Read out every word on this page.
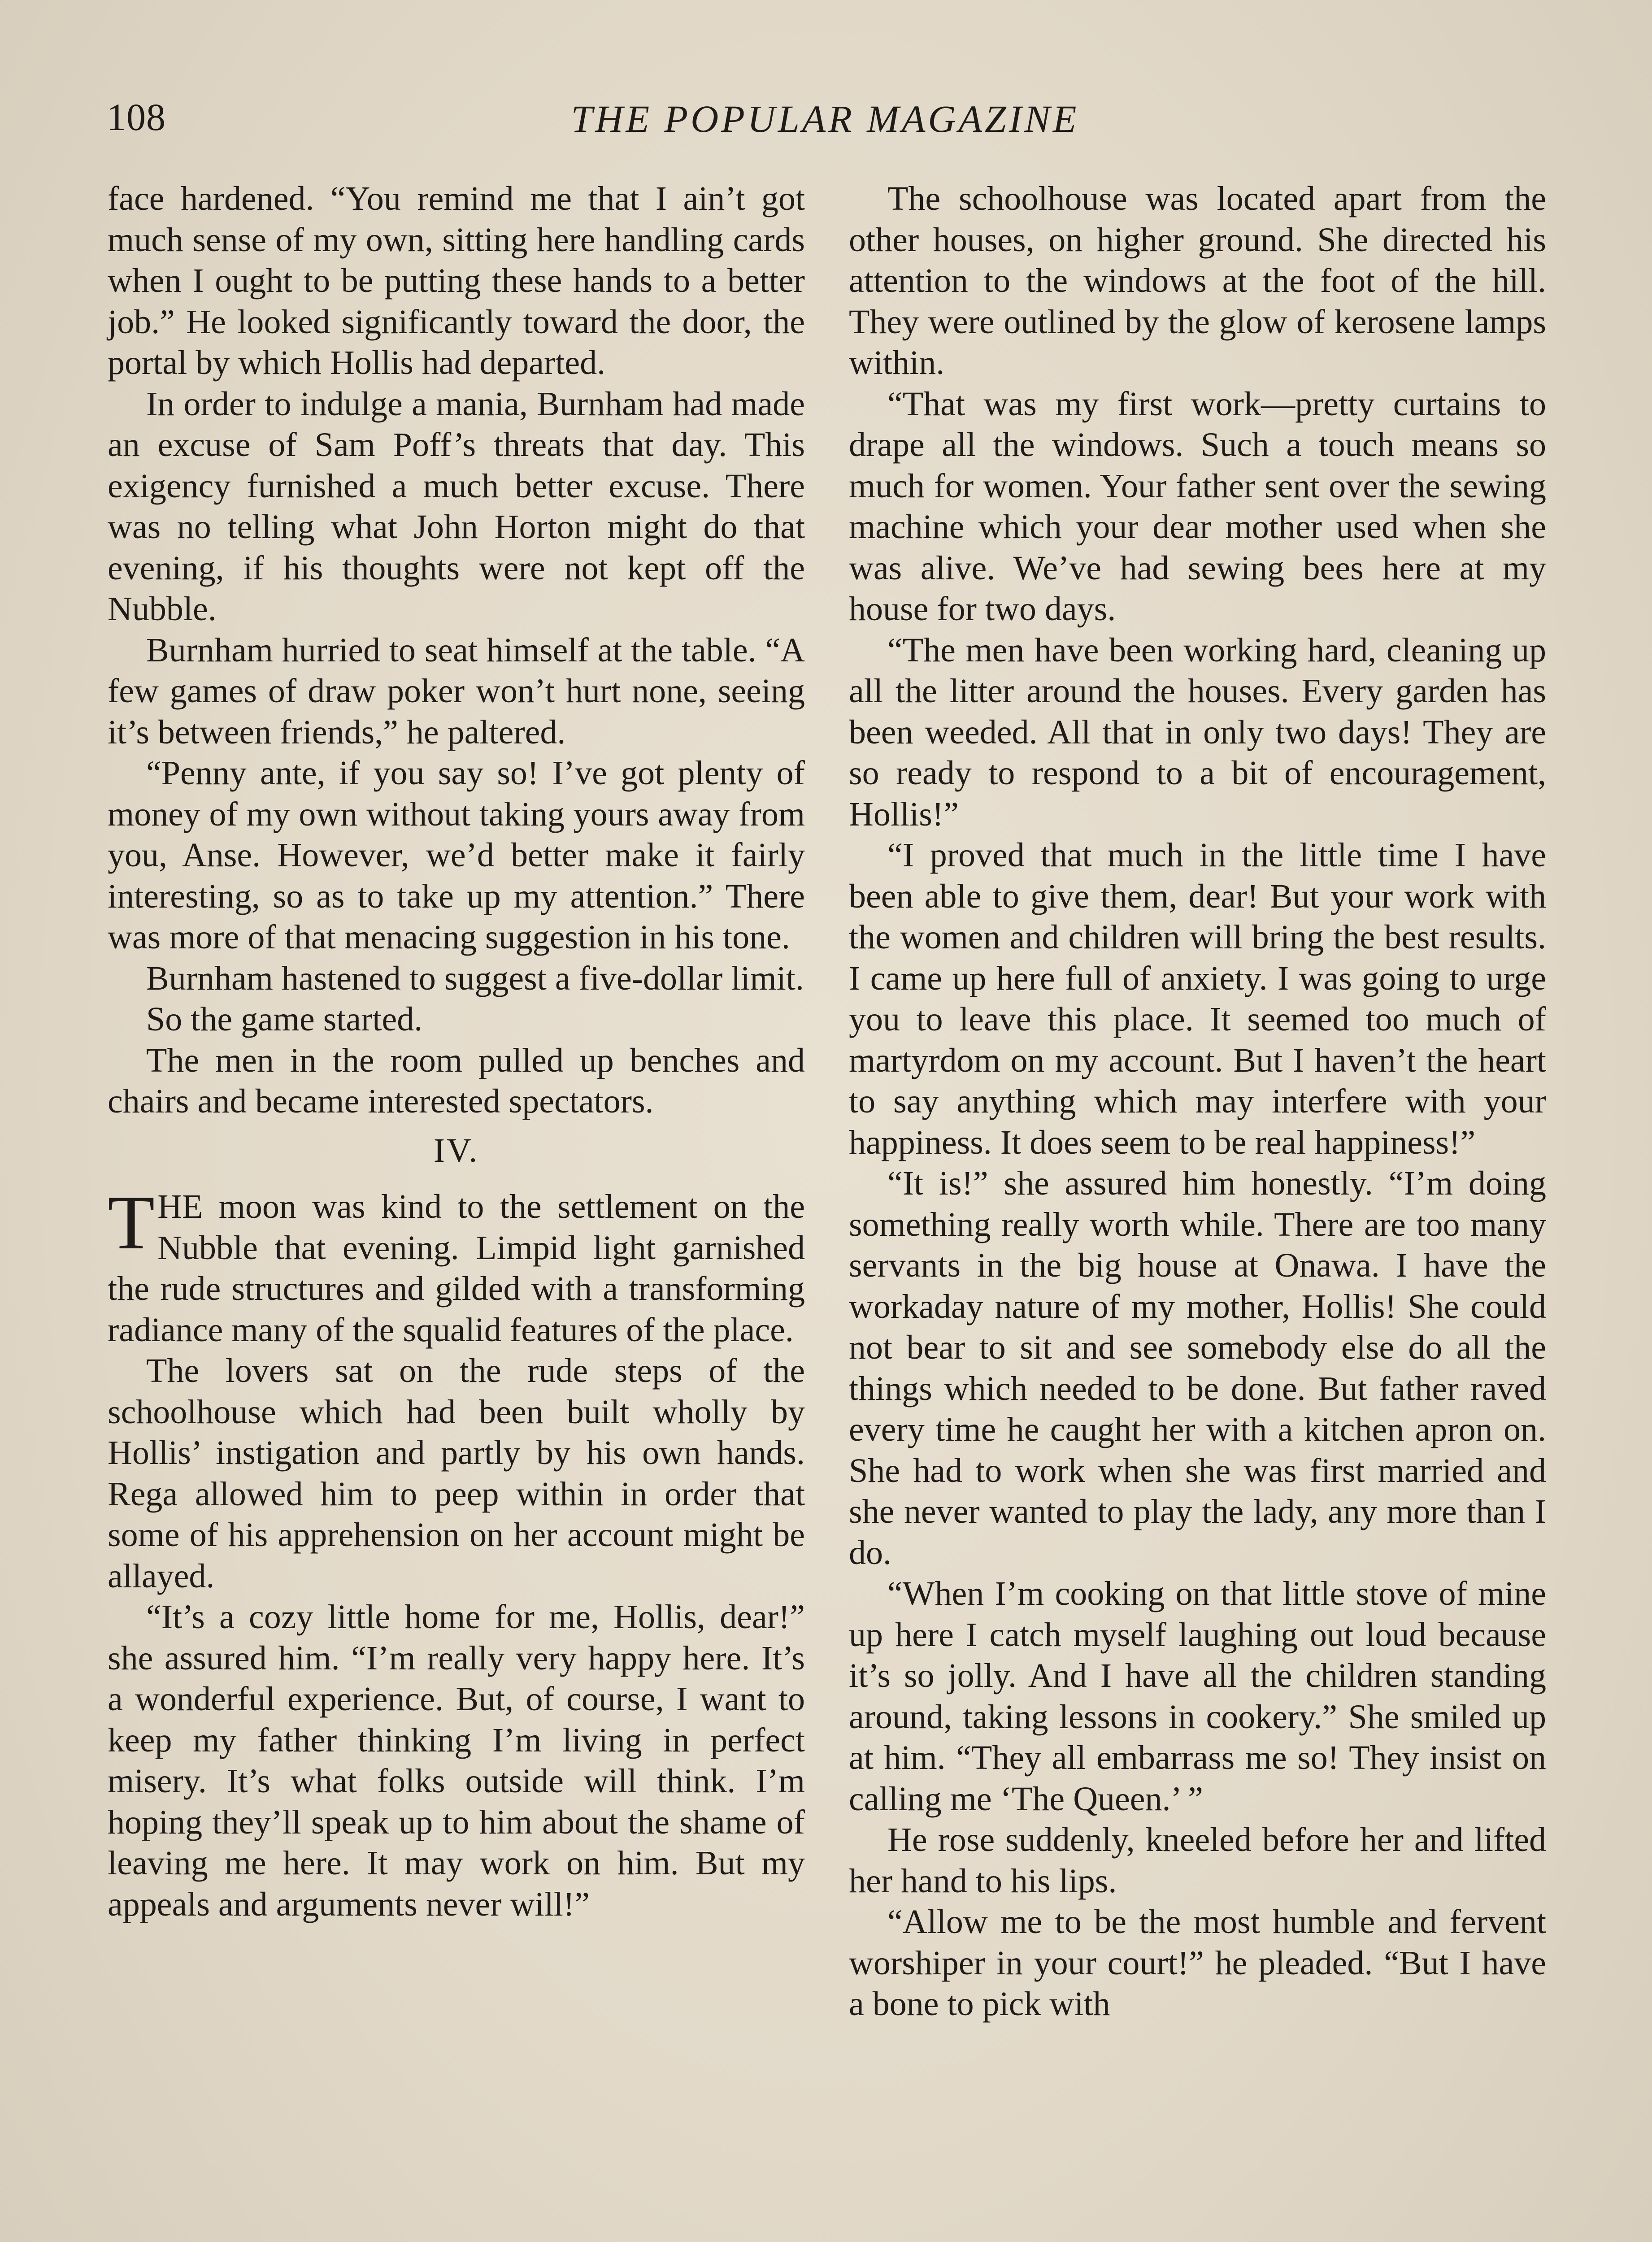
108	THE POPULAR MAGAZINE

face hardened. “You remind me that I ain’t got much sense of my own, sitting here handling cards when I ought to be putting these hands to a better job.” He looked significantly toward the door, the portal by which Hollis had departed.

In order to indulge a mania, Burnham had made an excuse of Sam Poff’s threats that day. This exigency furnished a much better excuse. There was no telling what John Horton might do that evening, if his thoughts were not kept off the Nubble.

Burnham hurried to seat himself at the table. “A few games of draw poker won’t hurt none, seeing it’s between friends,” he paltered.

“Penny ante, if you say so! I’ve got plenty of money of my own without taking yours away from you, Anse. However, we’d better make it fairly interesting, so as to take up my attention.” There was more of that menacing suggestion in his tone.

Burnham hastened to suggest a five-dollar limit.

So the game started.

The men in the room pulled up benches and chairs and became interested spectators.

IV.

THE moon was kind to the settlement on the Nubble that evening. Limpid light garnished the rude structures and gilded with a transforming radiance many of the squalid features of the place.

The lovers sat on the rude steps of the schoolhouse which had been built wholly by Hollis’ instigation and partly by his own hands. Rega allowed him to peep within in order that some of his apprehension on her account might be allayed.

“It’s a cozy little home for me, Hollis, dear!” she assured him. “I’m really very happy here. It’s a wonderful experience. But, of course, I want to keep my father thinking I’m living in perfect misery. It’s what folks outside will think. I’m hoping they’ll speak up to him about the shame of leaving me here. It may work on him. But my appeals and arguments never will!”

The schoolhouse was located apart from the other houses, on higher ground. She directed his attention to the windows at the foot of the hill. They were outlined by the glow of kerosene lamps within.

“That was my first work—pretty curtains to drape all the windows. Such a touch means so much for women. Your father sent over the sewing machine which your dear mother used when she was alive. We’ve had sewing bees here at my house for two days.

“The men have been working hard, cleaning up all the litter around the houses. Every garden has been weeded. All that in only two days! They are so ready to respond to a bit of encouragement, Hollis!”

“I proved that much in the little time I have been able to give them, dear! But your work with the women and children will bring the best results. I came up here full of anxiety. I was going to urge you to leave this place. It seemed too much of martyrdom on my account. But I haven’t the heart to say anything which may interfere with your happiness. It does seem to be real happiness!”

“It is!” she assured him honestly. “I’m doing something really worth while. There are too many servants in the big house at Onawa. I have the workaday nature of my mother, Hollis! She could not bear to sit and see somebody else do all the things which needed to be done. But father raved every time he caught her with a kitchen apron on. She had to work when she was first married and she never wanted to play the lady, any more than I do.

“When I’m cooking on that little stove of mine up here I catch myself laughing out loud because it’s so jolly. And I have all the children standing around, taking lessons in cookery.” She smiled up at him. “They all embarrass me so! They insist on calling me ‘The Queen.’ ”

He rose suddenly, kneeled before her and lifted her hand to his lips.

“Allow me to be the most humble and fervent worshiper in your court!” he pleaded. “But I have a bone to pick with
